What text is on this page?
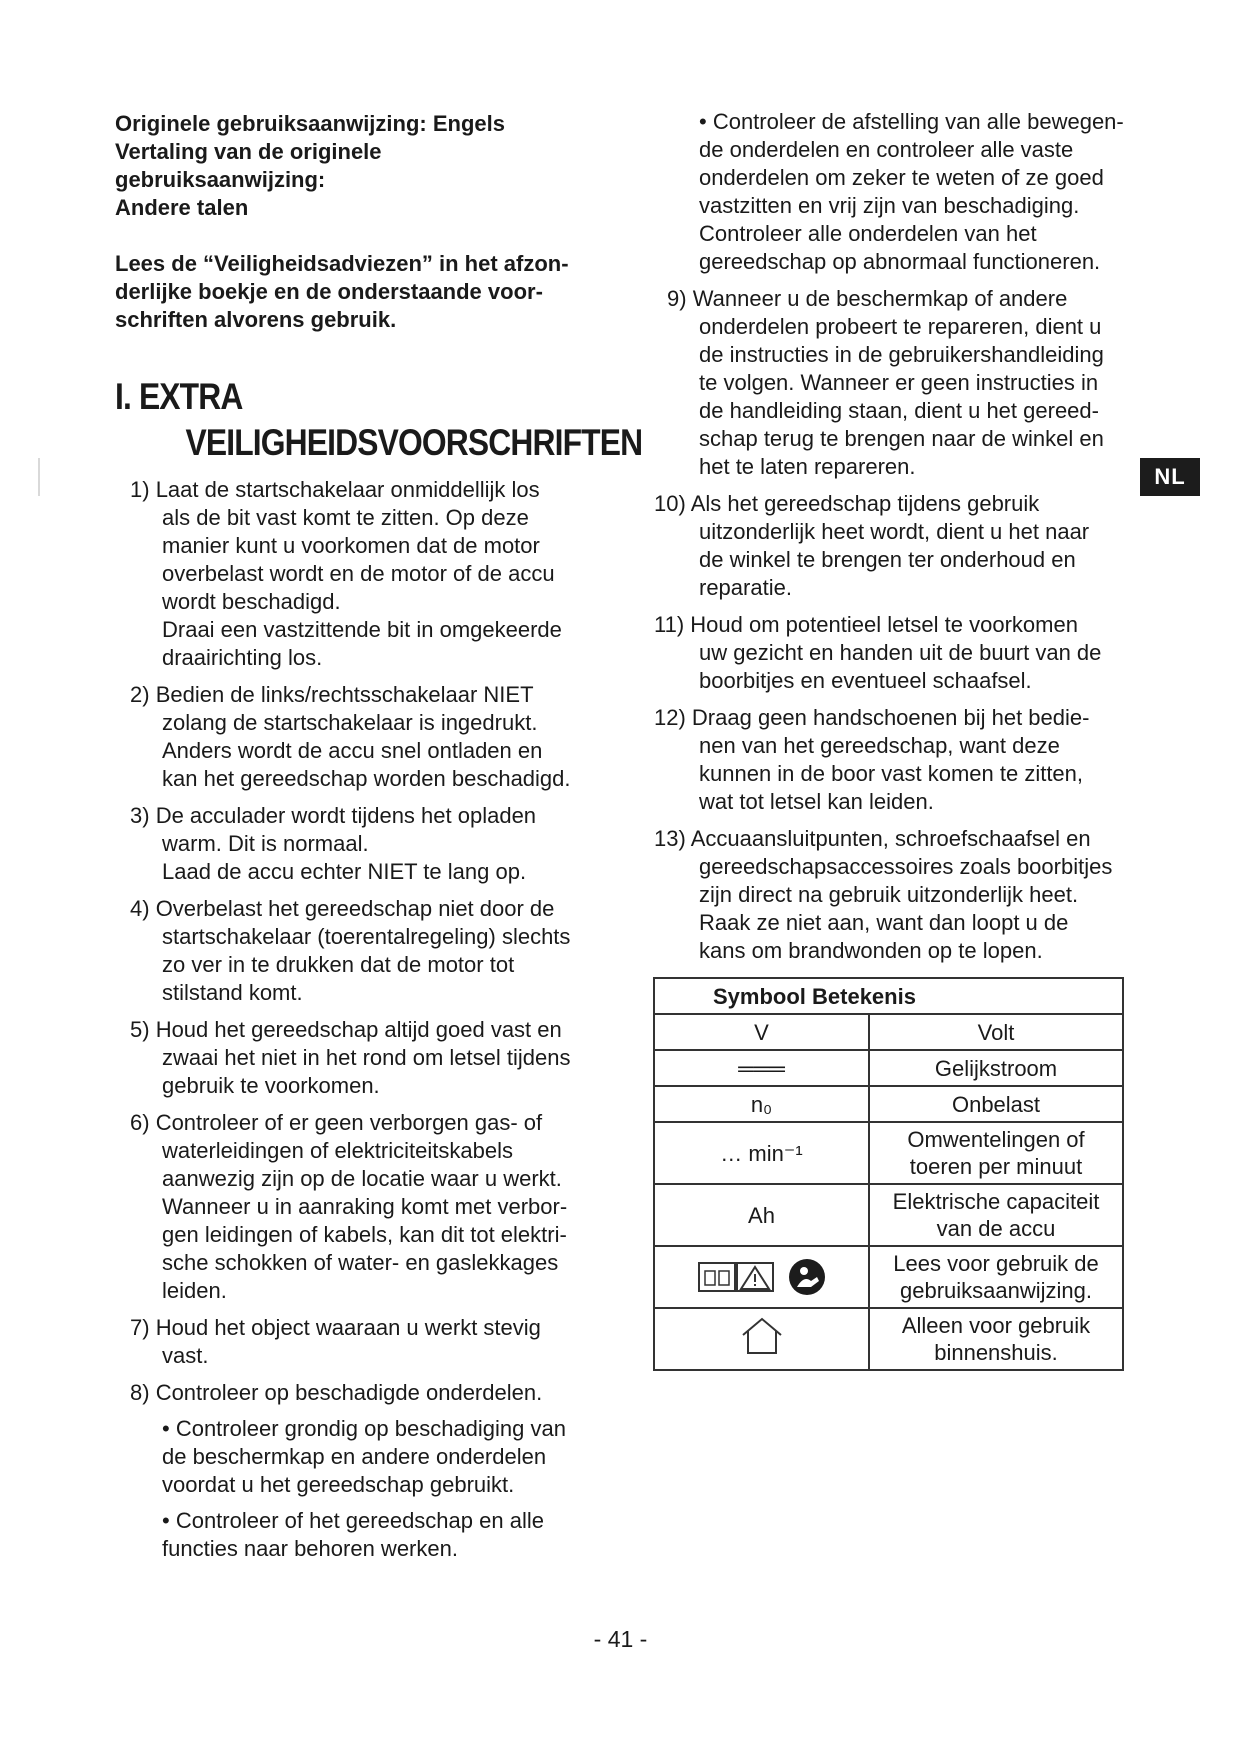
Originele gebruiksaanwijzing: Engels
Vertaling van de originele gebruiksaanwijzing:
Andere talen

Lees de “Veiligheidsadviezen” in het afzon-
derlijke boekje en de onderstaande voor-
schriften alvorens gebruik.

I. EXTRA
VEILIGHEIDSVOORSCHRIFTEN
1) Laat de startschakelaar onmiddellijk los
als de bit vast komt te zitten. Op deze
manier kunt u voorkomen dat de motor
overbelast wordt en de motor of de accu
wordt beschadigd.
Draai een vastzittende bit in omgekeerde
draairichting los.
2) Bedien de links/rechtsschakelaar NIET
zolang de startschakelaar is ingedrukt.
Anders wordt de accu snel ontladen en
kan het gereedschap worden beschadigd.
3) De acculader wordt tijdens het opladen
warm. Dit is normaal.
Laad de accu echter NIET te lang op.
4) Overbelast het gereedschap niet door de
startschakelaar (toerentalregeling) slechts
zo ver in te drukken dat de motor tot
stilstand komt.
5) Houd het gereedschap altijd goed vast en
zwaai het niet in het rond om letsel tijdens
gebruik te voorkomen.
6) Controleer of er geen verborgen gas- of
waterleidingen of elektriciteitskabels
aanwezig zijn op de locatie waar u werkt.
Wanneer u in aanraking komt met verbor-
gen leidingen of kabels, kan dit tot elektri-
sche schokken of water- en gaslekkages
leiden.
7) Houd het object waaraan u werkt stevig
vast.
8) Controleer op beschadigde onderdelen.
• Controleer grondig op beschadiging van
de beschermkap en andere onderdelen
voordat u het gereedschap gebruikt.
• Controleer of het gereedschap en alle
functies naar behoren werken.

• Controleer de afstelling van alle bewegen-
de onderdelen en controleer alle vaste
onderdelen om zeker te weten of ze goed
vastzitten en vrij zijn van beschadiging.
Controleer alle onderdelen van het
gereedschap op abnormaal functioneren.

9) Wanneer u de beschermkap of andere
onderdelen probeert te repareren, dient u
de instructies in de gebruikershandleiding
te volgen. Wanneer er geen instructies in
de handleiding staan, dient u het gereed-
schap terug te brengen naar de winkel en
het te laten repareren.
10) Als het gereedschap tijdens gebruik
uitzonderlijk heet wordt, dient u het naar
de winkel te brengen ter onderhoud en
reparatie.
11) Houd om potentieel letsel te voorkomen
uw gezicht en handen uit de buurt van de
boorbitjes en eventueel schaafsel.
12) Draag geen handschoenen bij het bedie-
nen van het gereedschap, want deze
kunnen in de boor vast komen te zitten,
wat tot letsel kan leiden.
13) Accuaansluitpunten, schroefschaafsel en
gereedschapsaccessoires zoals boorbitjes
zijn direct na gebruik uitzonderlijk heet.
Raak ze niet aan, want dan loopt u de
kans om brandwonden op te lopen.
Symbool Betekenis	
V	Volt
═══	Gelijkstroom
n₀	Onbelast
… min⁻¹	Omwentelingen of
toeren per minuut
Ah	Elektrische capaciteit
van de accu

	Lees voor gebruik de
gebruiksaanwijzing.
	Alleen voor gebruik
binnenshuis.
NL
- 41 -
